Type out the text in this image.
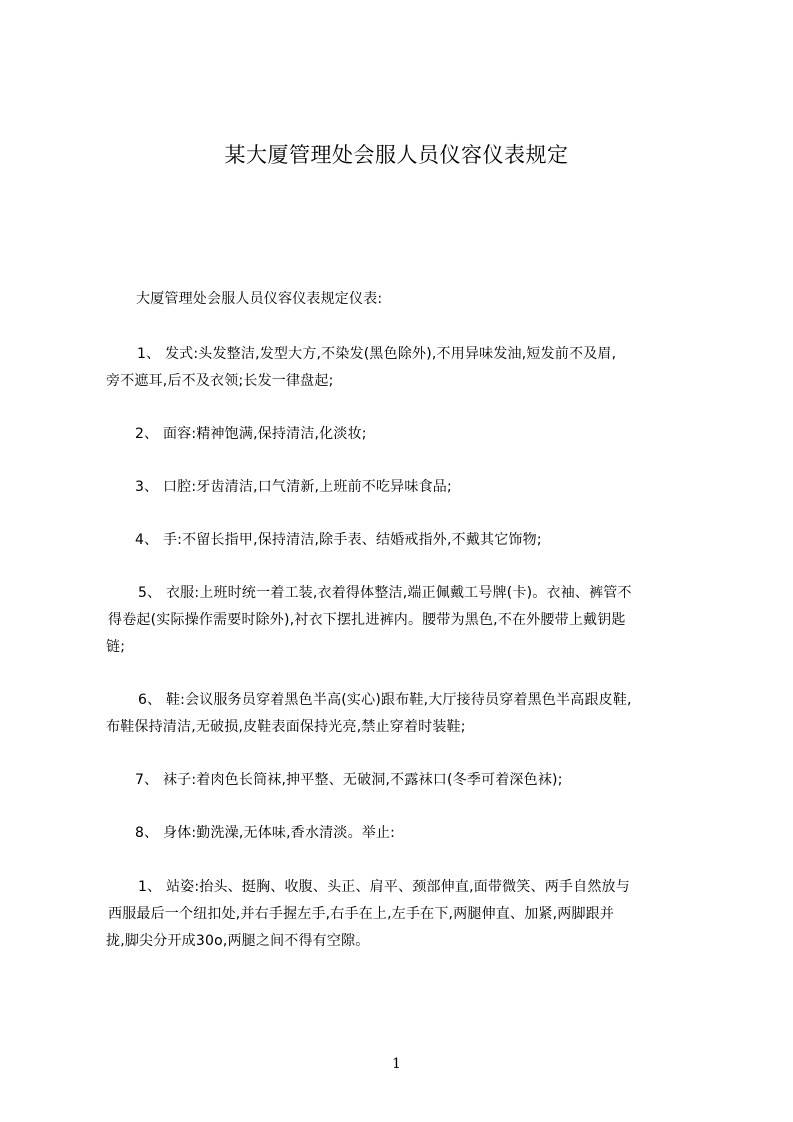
某大厦管理处会服人员仪容仪表规定
大厦管理处会服人员仪容仪表规定仪表:
1、 发式:头发整洁,发型大方,不染发(黑色除外),不用异味发油,短发前不及眉,
旁不遮耳,后不及衣领;长发一律盘起;
2、 面容:精神饱满,保持清洁,化淡妆;
3、 口腔:牙齿清洁,口气清新,上班前不吃异味食品;
4、 手:不留长指甲,保持清洁,除手表、结婚戒指外,不戴其它饰物;
5、 衣服:上班时统一着工装,衣着得体整洁,端正佩戴工号牌(卡)。衣袖、裤管不
得卷起(实际操作需要时除外),衬衣下摆扎进裤内。腰带为黑色,不在外腰带上戴钥匙
链;
6、 鞋:会议服务员穿着黑色半高(实心)跟布鞋,大厅接待员穿着黑色半高跟皮鞋,
布鞋保持清洁,无破损,皮鞋表面保持光亮,禁止穿着时装鞋;
7、 袜子:着肉色长筒袜,抻平整、无破洞,不露袜口(冬季可着深色袜);
8、 身体:勤洗澡,无体味,香水清淡。举止:
1、 站姿:抬头、挺胸、收腹、头正、肩平、颈部伸直,面带微笑、两手自然放与
西服最后一个纽扣处,并右手握左手,右手在上,左手在下,两腿伸直、加紧,两脚跟并
拢,脚尖分开成30o,两腿之间不得有空隙。
1
